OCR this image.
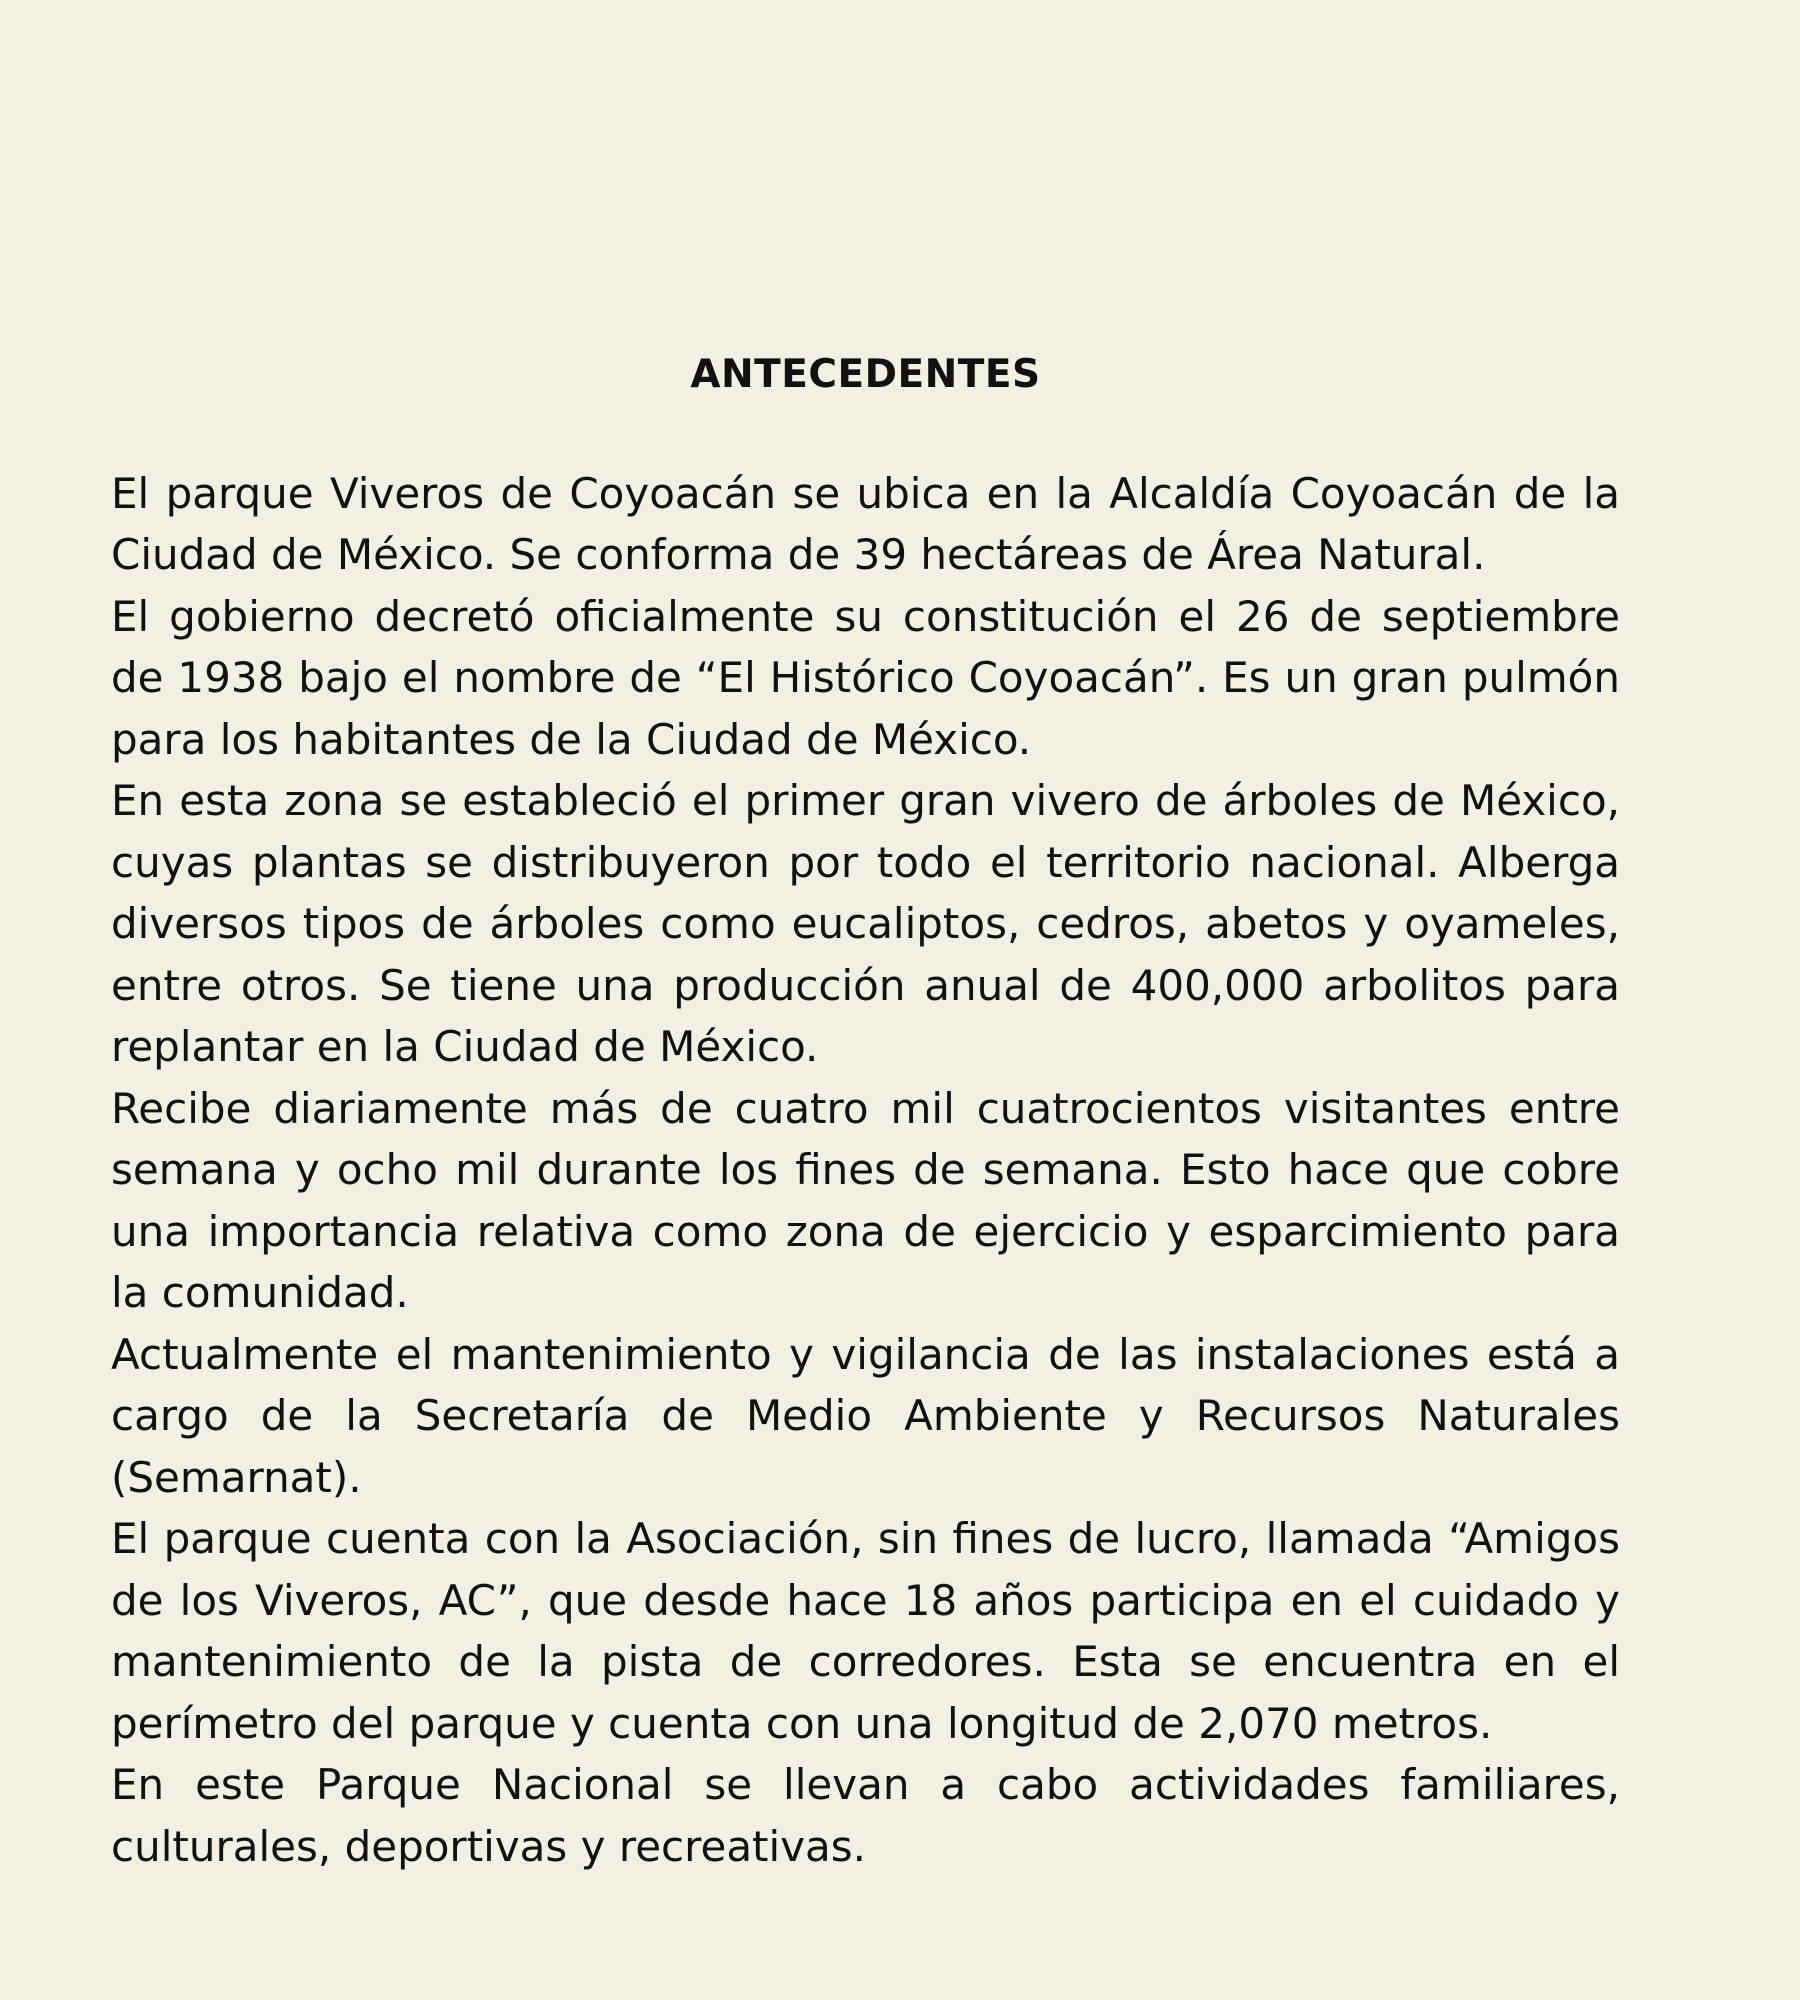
ANTECEDENTES

El parque Viveros de Coyoacán se ubica en la Alcaldía Coyoacán de la Ciudad de México. Se conforma de 39 hectáreas de Área Natural.

El gobierno decretó oficialmente su constitución el 26 de septiembre de 1938 bajo el nombre de “El Histórico Coyoacán”. Es un gran pulmón para los habitantes de la Ciudad de México.

En esta zona se estableció el primer gran vivero de árboles de México, cuyas plantas se distribuyeron por todo el territorio nacional. Alberga diversos tipos de árboles como eucaliptos, cedros, abetos y oyameles, entre otros. Se tiene una producción anual de 400,000 arbolitos para replantar en la Ciudad de México.

Recibe diariamente más de cuatro mil cuatrocientos visitantes entre semana y ocho mil durante los fines de semana. Esto hace que cobre una importancia relativa como zona de ejercicio y esparcimiento para la comunidad.

Actualmente el mantenimiento y vigilancia de las instalaciones está a cargo de la Secretaría de Medio Ambiente y Recursos Naturales (Semarnat).

El parque cuenta con la Asociación, sin fines de lucro, llamada “Amigos de los Viveros, AC”, que desde hace 18 años participa en el cuidado y mantenimiento de la pista de corredores. Esta se encuentra en el perímetro del parque y cuenta con una longitud de 2,070 metros.

En este Parque Nacional se llevan a cabo actividades familiares, culturales, deportivas y recreativas.
